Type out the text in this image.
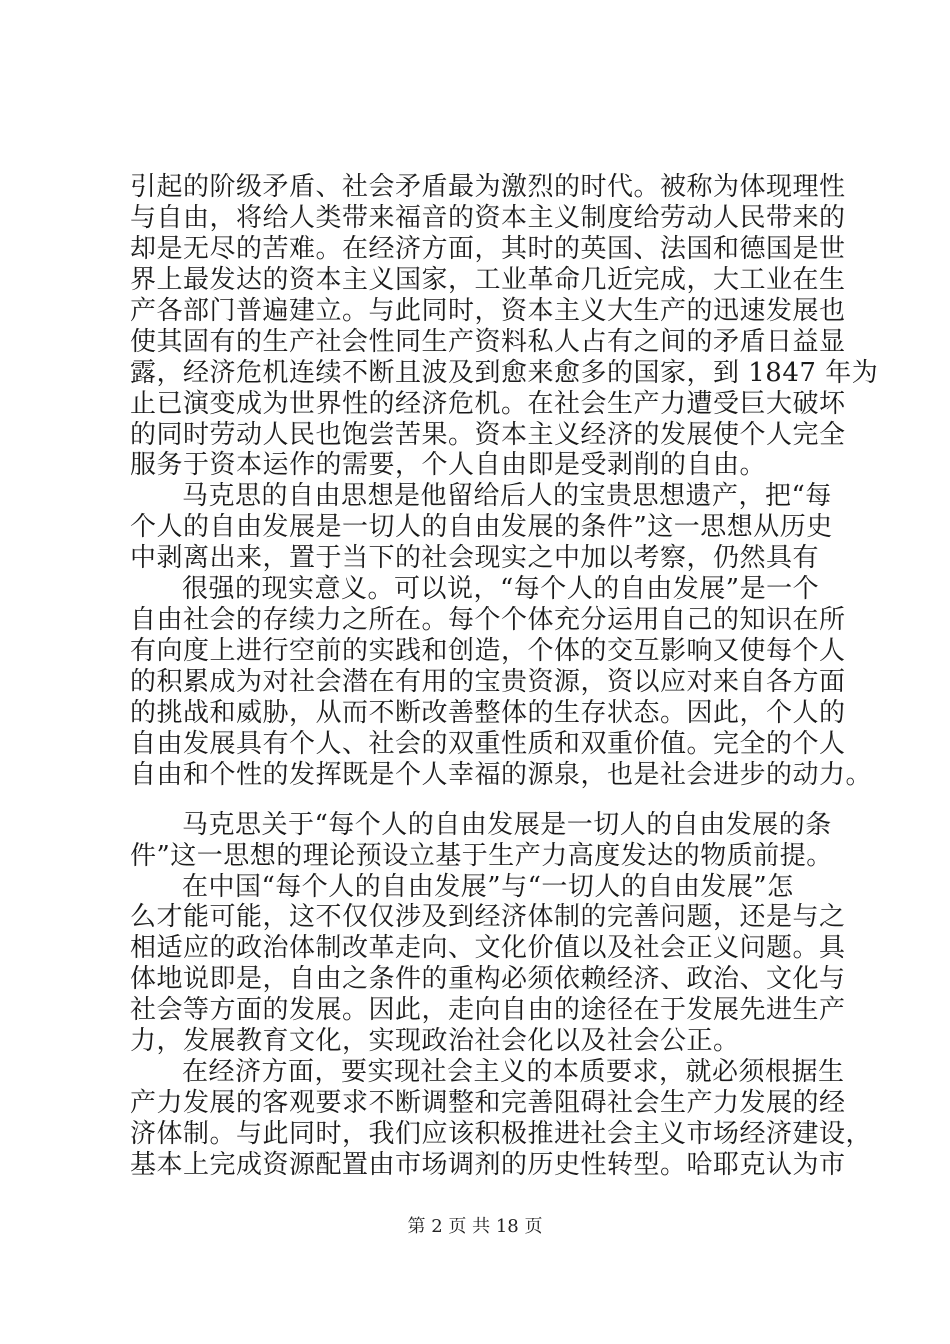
引起的阶级矛盾、社会矛盾最为激烈的时代。被称为体现理性
与自由，将给人类带来福音的资本主义制度给劳动人民带来的
却是无尽的苦难。在经济方面，其时的英国、法国和德国是世
界上最发达的资本主义国家，工业革命几近完成，大工业在生
产各部门普遍建立。与此同时，资本主义大生产的迅速发展也
使其固有的生产社会性同生产资料私人占有之间的矛盾日益显
露，经济危机连续不断且波及到愈来愈多的国家，到 1847 年为
止已演变成为世界性的经济危机。在社会生产力遭受巨大破坏
的同时劳动人民也饱尝苦果。资本主义经济的发展使个人完全
服务于资本运作的需要，个人自由即是受剥削的自由。
马克思的自由思想是他留给后人的宝贵思想遗产，把“每
个人的自由发展是一切人的自由发展的条件”这一思想从历史
中剥离出来，置于当下的社会现实之中加以考察，仍然具有
很强的现实意义。可以说，“每个人的自由发展”是一个
自由社会的存续力之所在。每个个体充分运用自己的知识在所
有向度上进行空前的实践和创造，个体的交互影响又使每个人
的积累成为对社会潜在有用的宝贵资源，资以应对来自各方面
的挑战和威胁，从而不断改善整体的生存状态。因此，个人的
自由发展具有个人、社会的双重性质和双重价值。完全的个人
自由和个性的发挥既是个人幸福的源泉，也是社会进步的动力。
马克思关于“每个人的自由发展是一切人的自由发展的条
件”这一思想的理论预设立基于生产力高度发达的物质前提。
在中国“每个人的自由发展”与“一切人的自由发展”怎
么才能可能，这不仅仅涉及到经济体制的完善问题，还是与之
相适应的政治体制改革走向、文化价值以及社会正义问题。具
体地说即是，自由之条件的重构必须依赖经济、政治、文化与
社会等方面的发展。因此，走向自由的途径在于发展先进生产
力，发展教育文化，实现政治社会化以及社会公正。
在经济方面，要实现社会主义的本质要求，就必须根据生
产力发展的客观要求不断调整和完善阻碍社会生产力发展的经
济体制。与此同时，我们应该积极推进社会主义市场经济建设，
基本上完成资源配置由市场调剂的历史性转型。哈耶克认为市
第 2 页 共 18 页
